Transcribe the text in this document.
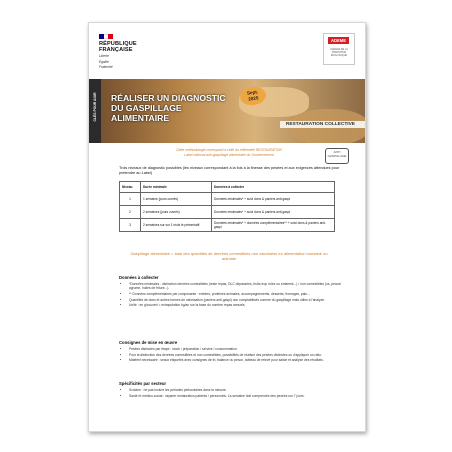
RÉPUBLIQUE
FRANÇAISE
Liberté
Égalité
Fraternité
ADEME
AGENCE DE LA TRANSITION ÉCOLOGIQUE
CLÉS POUR AGIR RÉALISER UN DIAGNOSTIC
DU GASPILLAGE
ALIMENTAIRE
Sept.
2025
RESTAURATION COLLECTIVE
Cette méthodologie correspond à celle du référentiel RESTAURATION
Label national anti-gaspillage alimentaire du Gouvernement
ANTI GASPILLAGE
Trois niveaux de diagnostic possibles (les niveaux correspondant à la fois à la finesse des pesées et aux exigences attendues pour prétendre au Label)
Niveau	Durée minimale	Données à collecter
1	1 semaine (jours ouvrés)	Données minimales* + suivi dons & paniers anti-gaspi
2	2 semaines (jours ouvrés)	Données minimales* + suivi dons & paniers anti-gaspi
3	2 semaines sur sur 1 mois le présentatif	Données minimales* + données complémentaires** + suivi dons & paniers anti-gaspi
Gaspillage alimentaire = total des quantités de denrées comestibles non valorisées en alimentation humaine ou animale
Données à collecter
• *Données minimales : distinction denrées comestibles (reste repas, DLC dépassées, fruits trop mûrs ou entamés...) / non comestibles (os, peaux/ agrume, huiles de friture...).
• ** Données complémentaires par composante : entrées, protéines animales, accompagnements, desserts, fromages, pain...
• Quantités de dons et autres formes de valorisation (paniers anti-gaspi) non comptabilisés comme du gaspillage mais utiles à l'analyse.
• Unité : en g/couvert = extrapolation kg/an sur la base du nombre repas annuels.
Consignes de mise en œuvre
• Pesées distinctes par étape : stock / préparation / service / consommation.
• Pour la distinction des denrées comestibles et non comestibles, possibilités de réaliser des pesées distinctes ou d'appliquer un ratio.
• Matériel nécessaire : seaux étiquetés avec consignes de tri, balance ou peson, tableau de relevé pour saisie et analyse des résultats.
Spécificités par secteur
• Scolaire : ne pas inclure les périodes périscolaires dans la mesure.
• Santé et médico-social : séparer restauration patients / personnels. La semaine doit comprendre des pesées sur 7 jours.
